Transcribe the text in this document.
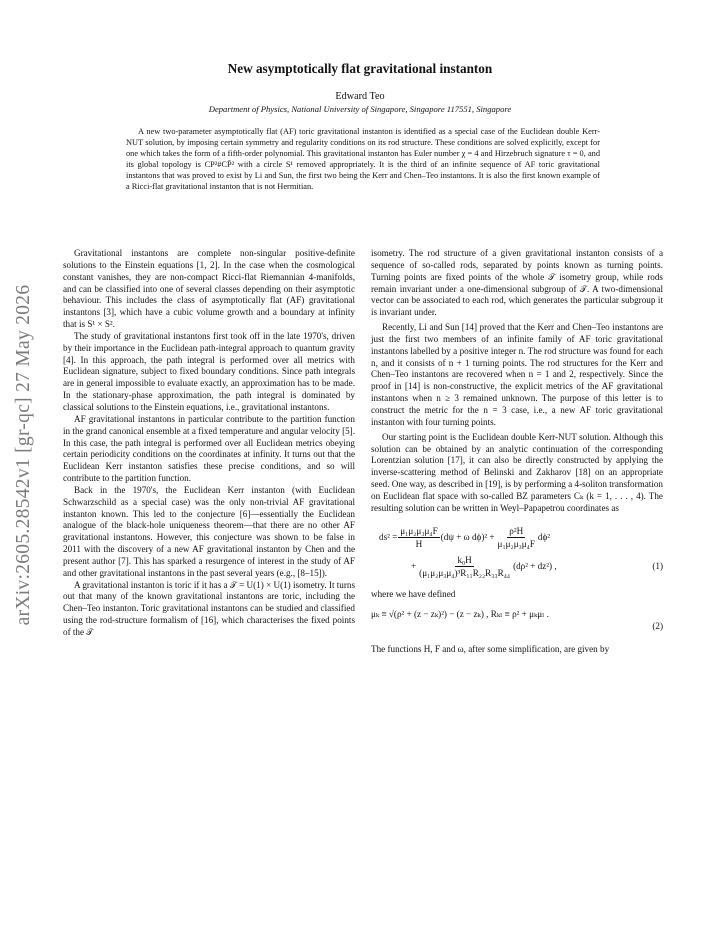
arXiv:2605.28542v1 [gr-qc] 27 May 2026
New asymptotically flat gravitational instanton
Edward Teo
Department of Physics, National University of Singapore, Singapore 117551, Singapore
A new two-parameter asymptotically flat (AF) toric gravitational instanton is identified as a special case of the Euclidean double Kerr-NUT solution, by imposing certain symmetry and regularity conditions on its rod structure. These conditions are solved explicitly, except for one which takes the form of a fifth-order polynomial. This gravitational instanton has Euler number χ = 4 and Hirzebruch signature τ = 0, and its global topology is CP²#CP̄² with a circle S¹ removed appropriately. It is the third of an infinite sequence of AF toric gravitational instantons that was proved to exist by Li and Sun, the first two being the Kerr and Chen–Teo instantons. It is also the first known example of a Ricci-flat gravitational instanton that is not Hermitian.

Gravitational instantons are complete non-singular positive-definite solutions to the Einstein equations [1, 2]. In the case when the cosmological constant vanishes, they are non-compact Ricci-flat Riemannian 4-manifolds, and can be classified into one of several classes depending on their asymptotic behaviour. This includes the class of asymptotically flat (AF) gravitational instantons [3], which have a cubic volume growth and a boundary at infinity that is S¹ × S².

The study of gravitational instantons first took off in the late 1970's, driven by their importance in the Euclidean path-integral approach to quantum gravity [4]. In this approach, the path integral is performed over all metrics with Euclidean signature, subject to fixed boundary conditions. Since path integrals are in general impossible to evaluate exactly, an approximation has to be made. In the stationary-phase approximation, the path integral is dominated by classical solutions to the Einstein equations, i.e., gravitational instantons.

AF gravitational instantons in particular contribute to the partition function in the grand canonical ensemble at a fixed temperature and angular velocity [5]. In this case, the path integral is performed over all Euclidean metrics obeying certain periodicity conditions on the coordinates at infinity. It turns out that the Euclidean Kerr instanton satisfies these precise conditions, and so will contribute to the partition function.

Back in the 1970's, the Euclidean Kerr instanton (with Euclidean Schwarzschild as a special case) was the only non-trivial AF gravitational instanton known. This led to the conjecture [6]—essentially the Euclidean analogue of the black-hole uniqueness theorem—that there are no other AF gravitational instantons. However, this conjecture was shown to be false in 2011 with the discovery of a new AF gravitational instanton by Chen and the present author [7]. This has sparked a resurgence of interest in the study of AF and other gravitational instantons in the past several years (e.g., [8–15]).

A gravitational instanton is toric if it has a 𝒯 = U(1) × U(1) isometry. It turns out that many of the known gravitational instantons are toric, including the Chen–Teo instanton. Toric gravitational instantons can be studied and classified using the rod-structure formalism of [16], which characterises the fixed points of the 𝒯

isometry. The rod structure of a given gravitational instanton consists of a sequence of so-called rods, separated by points known as turning points. Turning points are fixed points of the whole 𝒯 isometry group, while rods remain invariant under a one-dimensional subgroup of 𝒯. A two-dimensional vector can be associated to each rod, which generates the particular subgroup it is invariant under.

Recently, Li and Sun [14] proved that the Kerr and Chen–Teo instantons are just the first two members of an infinite family of AF toric gravitational instantons labelled by a positive integer n. The rod structure was found for each n, and it consists of n + 1 turning points. The rod structures for the Kerr and Chen–Teo instantons are recovered when n = 1 and 2, respectively. Since the proof in [14] is non-constructive, the explicit metrics of the AF gravitational instantons when n ≥ 3 remained unknown. The purpose of this letter is to construct the metric for the n = 3 case, i.e., a new AF toric gravitational instanton with four turning points.

Our starting point is the Euclidean double Kerr-NUT solution. Although this solution can be obtained by an analytic continuation of the corresponding Lorentzian solution [17], it can also be directly constructed by applying the inverse-scattering method of Belinski and Zakharov [18] on an appropriate seed. One way, as described in [19], is by performing a 4-soliton transformation on Euclidean flat space with so-called BZ parameters Cₖ (k = 1, . . . , 4). The resulting solution can be written in Weyl–Papapetrou coordinates as

$ds^2 = \frac{\text{μ₁μ₂μ₃μ₄F}}{H} (d\psi + \omega$ $d\phi)^2 + \frac{\text{ρ²H}}{\text{μ₁μ₂μ₃μ₄F}} d\phi^2$
+ $\frac{\text{k₀H}}{\text{(μ₁μ₂μ₃μ₄)³R₁₁R₂₂R₃₃R₄₄}} (d\rho^2 + dz^2)$ ,	(1)

where we have defined

μₖ ≡ √(ρ² + (z − zₖ)²) − (z − zₖ) , Rₖₗ ≡ ρ² + μₖμₗ .
(2)

The functions H, F and ω, after some simplification, are given by
